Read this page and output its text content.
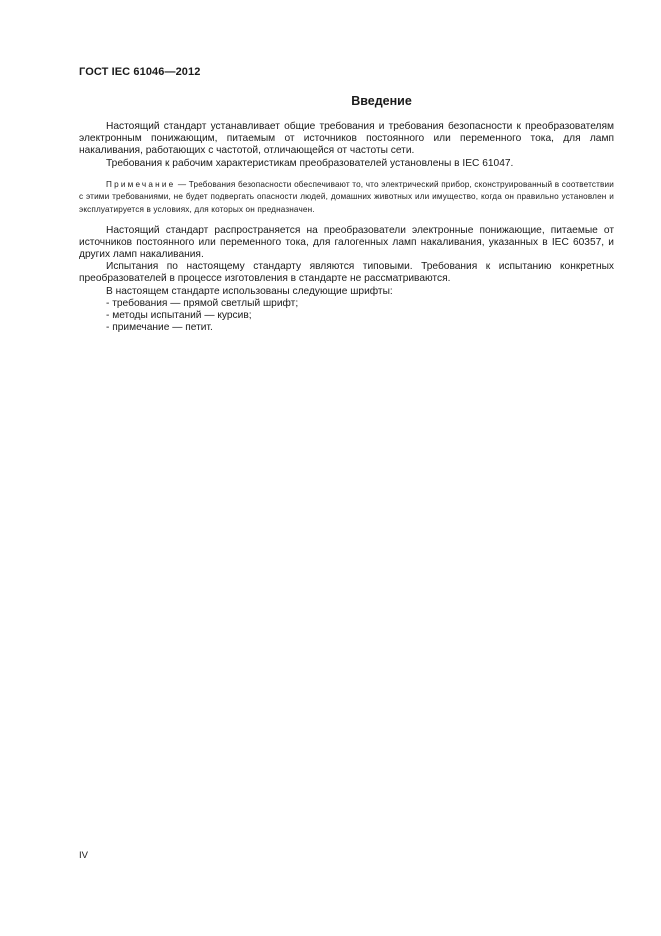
ГОСТ IEC 61046—2012
Введение

Настоящий стандарт устанавливает общие требования и требования безопасности к преобразователям электронным понижающим, питаемым от источников постоянного или переменного тока, для ламп накаливания, работающих с частотой, отличающейся от частоты сети.

Требования к рабочим характеристикам преобразователей установлены в IEC 61047.

Примечание — Требования безопасности обеспечивают то, что электрический прибор, сконструированный в соответствии с этими требованиями, не будет подвергать опасности людей, домашних животных или имущество, когда он правильно установлен и эксплуатируется в условиях, для которых он предназначен.

Настоящий стандарт распространяется на преобразователи электронные понижающие, питаемые от источников постоянного или переменного тока, для галогенных ламп накаливания, указанных в IEC 60357, и других ламп накаливания.

Испытания по настоящему стандарту являются типовыми. Требования к испытанию конкретных преобразователей в процессе изготовления в стандарте не рассматриваются.

В настоящем стандарте использованы следующие шрифты:

- требования — прямой светлый шрифт;
- методы испытаний — курсив;
- примечание — петит.
IV
